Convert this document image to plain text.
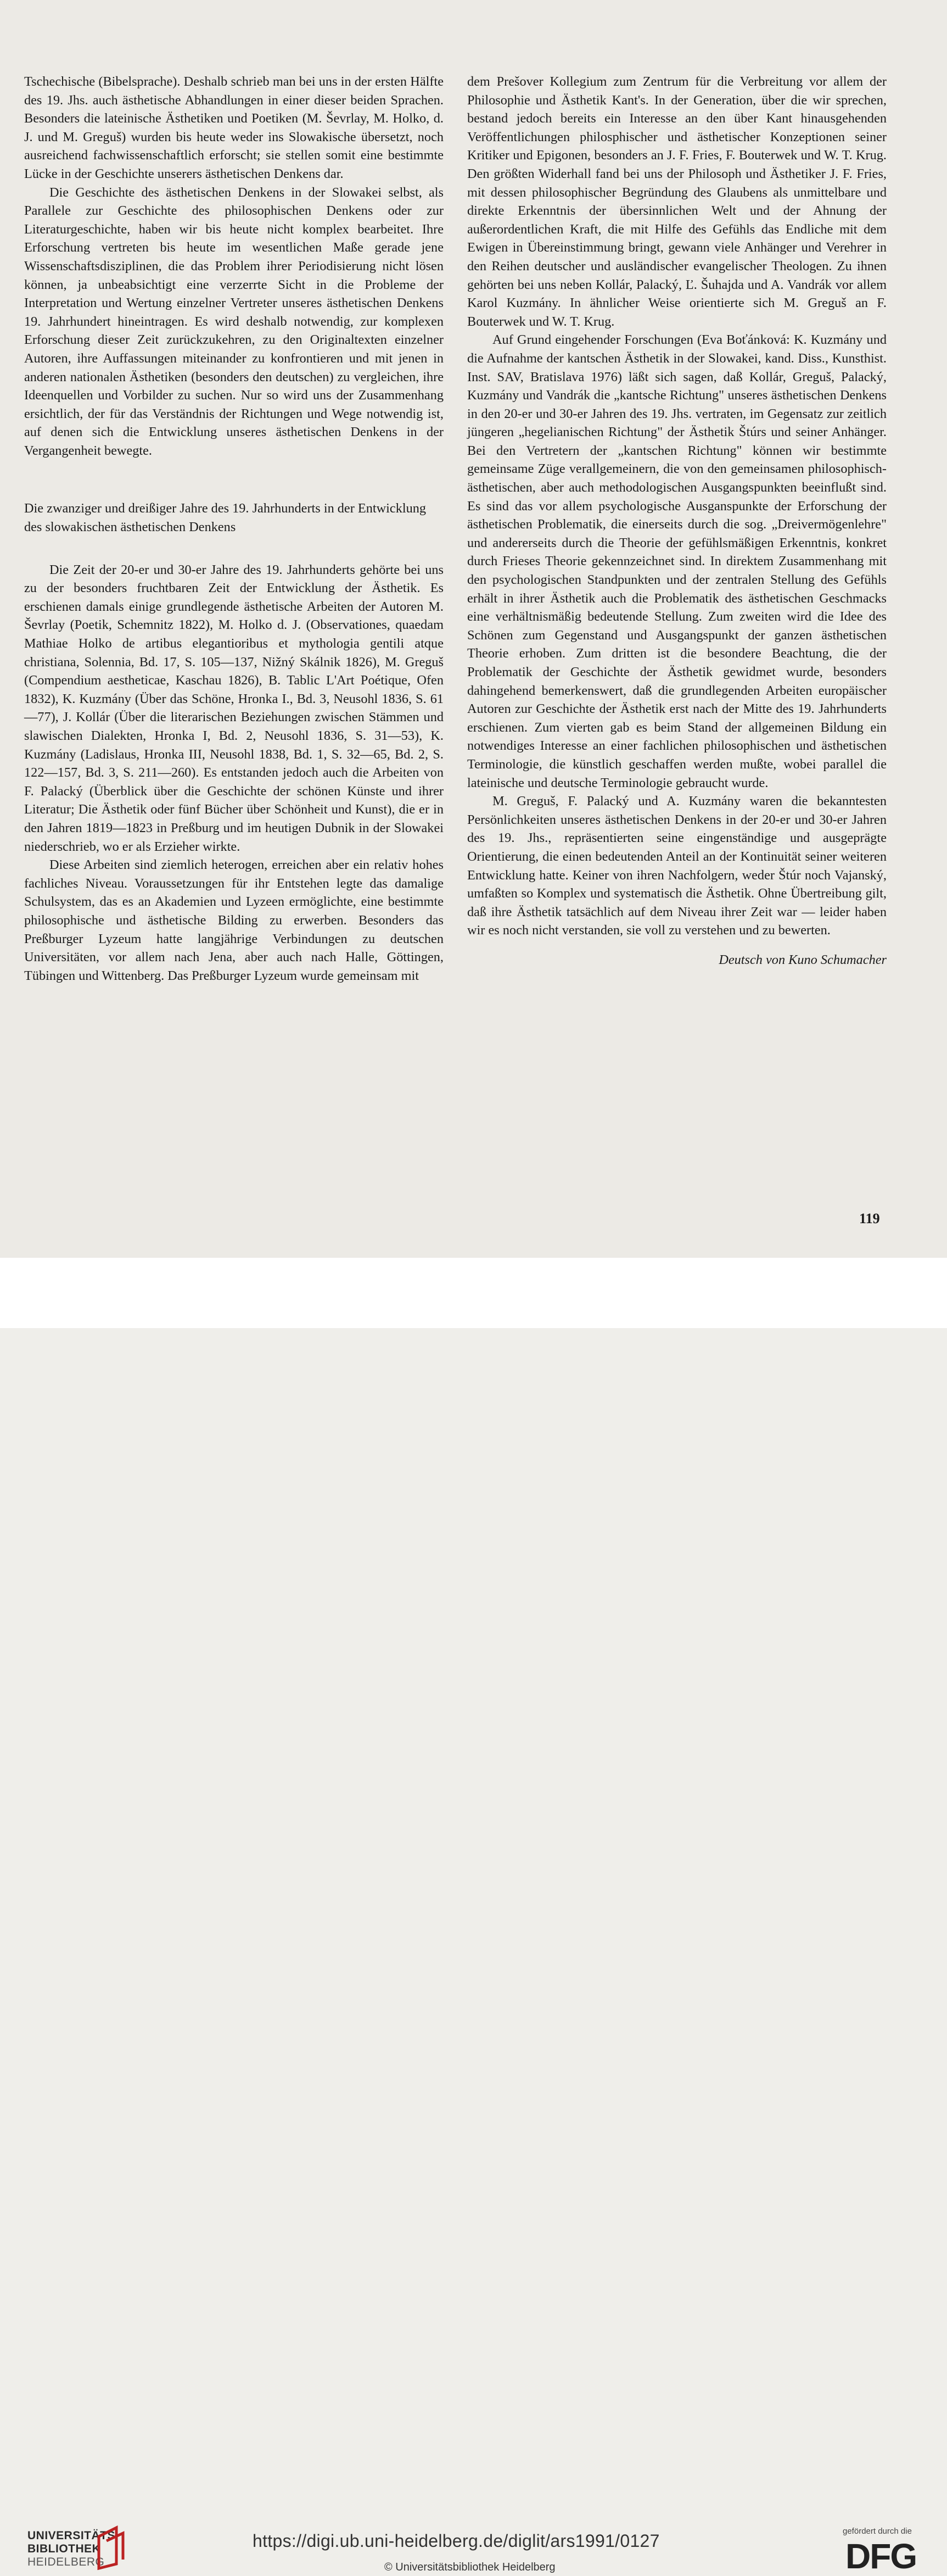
Tschechische (Bibelsprache). Deshalb schrieb man bei uns in der ersten Hälfte des 19. Jhs. auch ästhetische Abhandlungen in einer dieser beiden Sprachen. Besonders die lateinische Ästhetiken und Poetiken (M. Ševrlay, M. Holko, d. J. und M. Greguš) wurden bis heute weder ins Slowakische übersetzt, noch ausreichend fachwissenschaftlich erforscht; sie stellen somit eine bestimmte Lücke in der Geschichte unserers ästhetischen Denkens dar.

Die Geschichte des ästhetischen Denkens in der Slowakei selbst, als Parallele zur Geschichte des philosophischen Denkens oder zur Literaturgeschichte, haben wir bis heute nicht komplex bearbeitet. Ihre Erforschung vertreten bis heute im wesentlichen Maße gerade jene Wissenschaftsdisziplinen, die das Problem ihrer Periodisierung nicht lösen können, ja unbeabsichtigt eine verzerrte Sicht in die Probleme der Interpretation und Wertung einzelner Vertreter unseres ästhetischen Denkens 19. Jahrhundert hineintragen. Es wird deshalb notwendig, zur komplexen Erforschung dieser Zeit zurückzukehren, zu den Originaltexten einzelner Autoren, ihre Auffassungen miteinander zu konfrontieren und mit jenen in anderen nationalen Ästhetiken (besonders den deutschen) zu vergleichen, ihre Ideenquellen und Vorbilder zu suchen. Nur so wird uns der Zusammenhang ersichtlich, der für das Verständnis der Richtungen und Wege notwendig ist, auf denen sich die Entwicklung unseres ästhetischen Denkens in der Vergangenheit bewegte.

Die zwanziger und dreißiger Jahre des 19. Jahrhunderts in der Entwicklung des slowakischen ästhetischen Denkens

Die Zeit der 20-er und 30-er Jahre des 19. Jahrhunderts gehörte bei uns zu der besonders fruchtbaren Zeit der Entwicklung der Ästhetik. Es erschienen damals einige grundlegende ästhetische Arbeiten der Autoren M. Ševrlay (Poetik, Schemnitz 1822), M. Holko d. J. (Observationes, quaedam Mathiae Holko de artibus elegantioribus et mythologia gentili atque christiana, Solennia, Bd. 17, S. 105—137, Nižný Skálnik 1826), M. Greguš (Compendium aestheticae, Kaschau 1826), B. Tablic L'Art Poétique, Ofen 1832), K. Kuzmány (Über das Schöne, Hronka I., Bd. 3, Neusohl 1836, S. 61—77), J. Kollár (Über die literarischen Beziehungen zwischen Stämmen und slawischen Dialekten, Hronka I, Bd. 2, Neusohl 1836, S. 31—53), K. Kuzmány (Ladislaus, Hronka III, Neusohl 1838, Bd. 1, S. 32—65, Bd. 2, S. 122—157, Bd. 3, S. 211—260). Es entstanden jedoch auch die Arbeiten von F. Palacký (Überblick über die Geschichte der schönen Künste und ihrer Literatur; Die Ästhetik oder fünf Bücher über Schönheit und Kunst), die er in den Jahren 1819—1823 in Preßburg und im heutigen Dubnik in der Slowakei niederschrieb, wo er als Erzieher wirkte.

Diese Arbeiten sind ziemlich heterogen, erreichen aber ein relativ hohes fachliches Niveau. Voraussetzungen für ihr Entstehen legte das damalige Schulsystem, das es an Akademien und Lyzeen ermöglichte, eine bestimmte philosophische und ästhetische Bilding zu erwerben. Besonders das Preßburger Lyzeum hatte langjährige Verbindungen zu deutschen Universitäten, vor allem nach Jena, aber auch nach Halle, Göttingen, Tübingen und Wittenberg. Das Preßburger Lyzeum wurde gemeinsam mit

dem Prešover Kollegium zum Zentrum für die Verbreitung vor allem der Philosophie und Ästhetik Kant's. In der Generation, über die wir sprechen, bestand jedoch bereits ein Interesse an den über Kant hinausgehenden Veröffentlichungen philosphischer und ästhetischer Konzeptionen seiner Kritiker und Epigonen, besonders an J. F. Fries, F. Bouterwek und W. T. Krug. Den größten Widerhall fand bei uns der Philosoph und Ästhetiker J. F. Fries, mit dessen philosophischer Begründung des Glaubens als unmittelbare und direkte Erkenntnis der übersinnlichen Welt und der Ahnung der außerordentlichen Kraft, die mit Hilfe des Gefühls das Endliche mit dem Ewigen in Übereinstimmung bringt, gewann viele Anhänger und Verehrer in den Reihen deutscher und ausländischer evangelischer Theologen. Zu ihnen gehörten bei uns neben Kollár, Palacký, Ľ. Šuhajda und A. Vandrák vor allem Karol Kuzmány. In ähnlicher Weise orientierte sich M. Greguš an F. Bouterwek und W. T. Krug.

Auf Grund eingehender Forschungen (Eva Boťánková: K. Kuzmány und die Aufnahme der kantschen Ästhetik in der Slowakei, kand. Diss., Kunsthist. Inst. SAV, Bratislava 1976) läßt sich sagen, daß Kollár, Greguš, Palacký, Kuzmány und Vandrák die „kantsche Richtung" unseres ästhetischen Denkens in den 20-er und 30-er Jahren des 19. Jhs. vertraten, im Gegensatz zur zeitlich jüngeren „hegelianischen Richtung" der Ästhetik Štúrs und seiner Anhänger. Bei den Vertretern der „kantschen Richtung" können wir bestimmte gemeinsame Züge verallgemeinern, die von den gemeinsamen philosophisch-ästhetischen, aber auch methodologischen Ausgangspunkten beeinflußt sind. Es sind das vor allem psychologische Ausganspunkte der Erforschung der ästhetischen Problematik, die einerseits durch die sog. „Dreivermögenlehre" und andererseits durch die Theorie der gefühlsmäßigen Erkenntnis, konkret durch Frieses Theorie gekennzeichnet sind. In direktem Zusammenhang mit den psychologischen Standpunkten und der zentralen Stellung des Gefühls erhält in ihrer Ästhetik auch die Problematik des ästhetischen Geschmacks eine verhältnismäßig bedeutende Stellung. Zum zweiten wird die Idee des Schönen zum Gegenstand und Ausgangspunkt der ganzen ästhetischen Theorie erhoben. Zum dritten ist die besondere Beachtung, die der Problematik der Geschichte der Ästhetik gewidmet wurde, besonders dahingehend bemerkenswert, daß die grundlegenden Arbeiten europäischer Autoren zur Geschichte der Ästhetik erst nach der Mitte des 19. Jahrhunderts erschienen. Zum vierten gab es beim Stand der allgemeinen Bildung ein notwendiges Interesse an einer fachlichen philosophischen und ästhetischen Terminologie, die künstlich geschaffen werden mußte, wobei parallel die lateinische und deutsche Terminologie gebraucht wurde.

M. Greguš, F. Palacký und A. Kuzmány waren die bekanntesten Persönlichkeiten unseres ästhetischen Denkens in der 20-er und 30-er Jahren des 19. Jhs., repräsentierten seine eingenständige und ausgeprägte Orientierung, die einen bedeutenden Anteil an der Kontinuität seiner weiteren Entwicklung hatte. Keiner von ihren Nachfolgern, weder Štúr noch Vajanský, umfaßten so Komplex und systematisch die Ästhetik. Ohne Übertreibung gilt, daß ihre Ästhetik tatsächlich auf dem Niveau ihrer Zeit war — leider haben wir es noch nicht verstanden, sie voll zu verstehen und zu bewerten.

Deutsch von Kuno Schumacher
119
UNIVERSITÄTS-
BIBLIOTHEK
HEIDELBERG
https://digi.ub.uni-heidelberg.de/diglit/ars1991/0127
© Universitätsbibliothek Heidelberg
gefördert durch die
DFG
